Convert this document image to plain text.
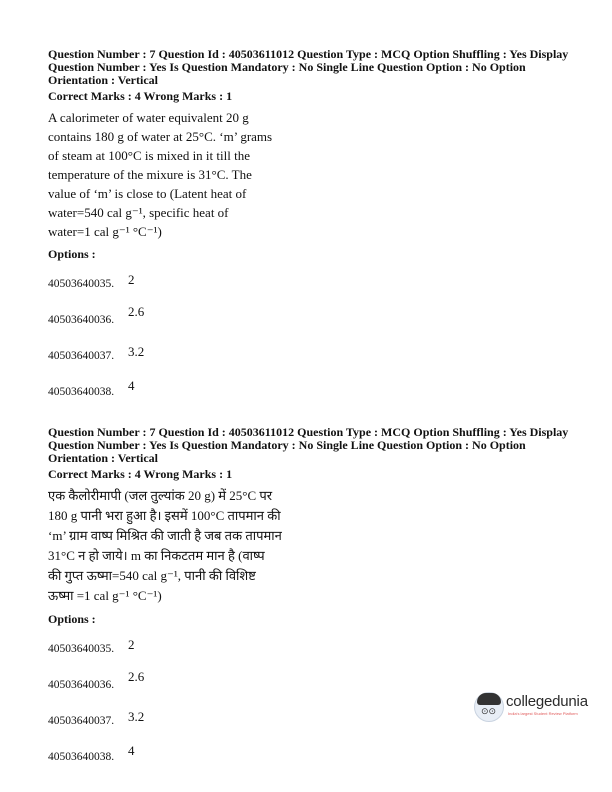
Question Number : 7 Question Id : 40503611012 Question Type : MCQ Option Shuffling : Yes Display
Question Number : Yes Is Question Mandatory : No Single Line Question Option : No Option
Orientation : Vertical
Correct Marks : 4 Wrong Marks : 1
A calorimeter of water equivalent 20 g
contains 180 g of water at 25°C. ‘m’ grams
of steam at 100°C is mixed in it till the
temperature of the mixure is 31°C. The
value of ‘m’ is close to (Latent heat of
water=540 cal g⁻¹, specific heat of
water=1 cal g⁻¹ °C⁻¹)
Options :
40503640035. 2
40503640036.
2.6
40503640037. 3.2
40503640038. 4
Question Number : 7 Question Id : 40503611012 Question Type : MCQ Option Shuffling : Yes Display
Question Number : Yes Is Question Mandatory : No Single Line Question Option : No Option
Orientation : Vertical
Correct Marks : 4 Wrong Marks : 1
एक कैलोरीमापी (जल तुल्यांक 20 g) में 25°C पर
180 g पानी भरा हुआ है। इसमें 100°C तापमान की
‘m’ ग्राम वाष्प मिश्रित की जाती है जब तक तापमान
31°C न हो जाये। m का निकटतम मान है (वाष्प
की गुप्त ऊष्मा=540 cal g⁻¹, पानी की विशिष्ट
ऊष्मा =1 cal g⁻¹ °C⁻¹)
Options :
40503640035. 2
40503640036.
2.6
40503640037. 3.2
40503640038. 4
⊙⊙
collegedunia
India's largest Student Review Platform
